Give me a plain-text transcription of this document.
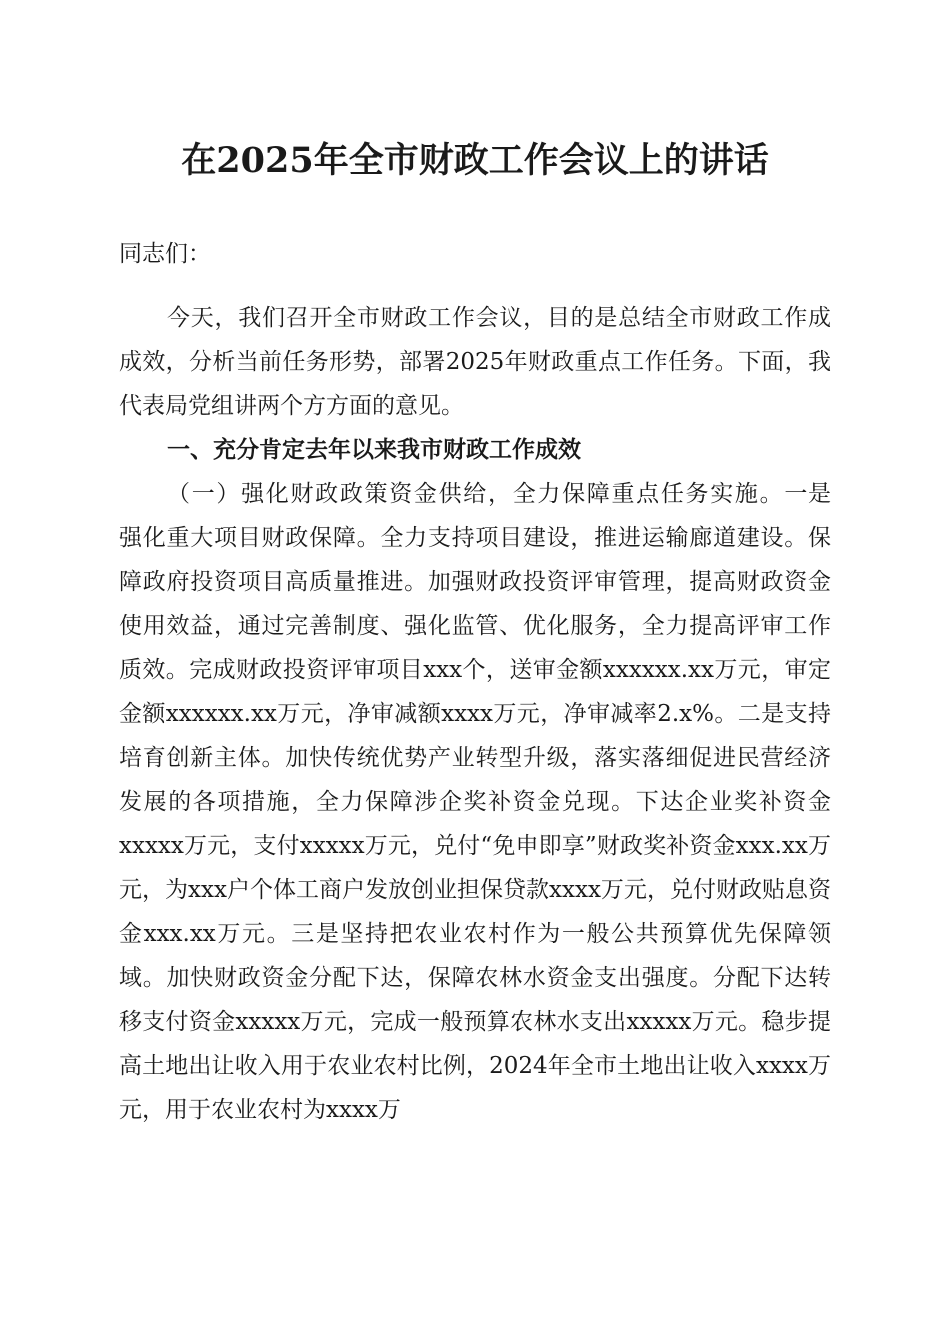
在2025年全市财政工作会议上的讲话

同志们：

今天，我们召开全市财政工作会议，目的是总结全市财政工作成成效，分析当前任务形势，部署2025年财政重点工作任务。下面，我代表局党组讲两个方方面的意见。

一、充分肯定去年以来我市财政工作成效

（一）强化财政政策资金供给，全力保障重点任务实施。一是强化重大项目财政保障。全力支持项目建设，推进运输廊道建设。保障政府投资项目高质量推进。加强财政投资评审管理，提高财政资金使用效益，通过完善制度、强化监管、优化服务，全力提高评审工作质效。完成财政投资评审项目xxx个，送审金额xxxxxx.xx万元，审定金额xxxxxx.xx万元，净审减额xxxx万元，净审减率2.x%。二是支持培育创新主体。加快传统优势产业转型升级，落实落细促进民营经济发展的各项措施，全力保障涉企奖补资金兑现。下达企业奖补资金xxxxx万元，支付xxxxx万元，兑付“免申即享”财政奖补资金xxx.xx万元，为xxx户个体工商户发放创业担保贷款xxxx万元，兑付财政贴息资金xxx.xx万元。三是坚持把农业农村作为一般公共预算优先保障领域。加快财政资金分配下达，保障农林水资金支出强度。分配下达转移支付资金xxxxx万元，完成一般预算农林水支出xxxxx万元。稳步提高土地出让收入用于农业农村比例，2024年全市土地出让收入xxxx万元，用于农业农村为xxxx万
